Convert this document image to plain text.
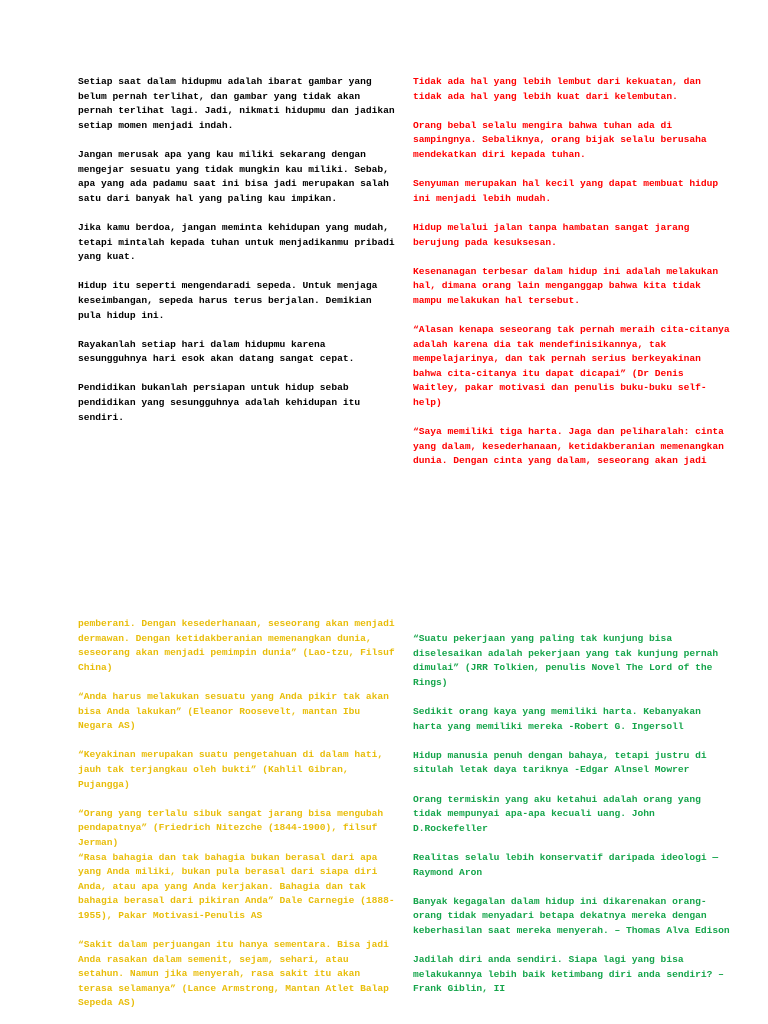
Setiap saat dalam hidupmu adalah ibarat gambar yang belum pernah terlihat, dan gambar yang tidak akan pernah terlihat lagi. Jadi, nikmati hidupmu dan jadikan setiap momen menjadi indah.

Jangan merusak apa yang kau miliki sekarang dengan mengejar sesuatu yang tidak mungkin kau miliki. Sebab, apa yang ada padamu saat ini bisa jadi merupakan salah satu dari banyak hal yang paling kau impikan.

Jika kamu berdoa, jangan meminta kehidupan yang mudah, tetapi mintalah kepada tuhan untuk menjadikanmu pribadi yang kuat.

Hidup itu seperti mengendaradi sepeda. Untuk menjaga keseimbangan, sepeda harus terus berjalan. Demikian pula hidup ini.

Rayakanlah setiap hari dalam hidupmu karena sesungguhnya hari esok akan datang sangat cepat.

Pendidikan bukanlah persiapan untuk hidup sebab pendidikan yang sesungguhnya adalah kehidupan itu sendiri.

Tidak ada hal yang lebih lembut dari kekuatan, dan tidak ada hal yang lebih kuat dari kelembutan.

Orang bebal selalu mengira bahwa tuhan ada di sampingnya. Sebaliknya, orang bijak selalu berusaha mendekatkan diri kepada tuhan.

Senyuman merupakan hal kecil yang dapat membuat hidup ini menjadi lebih mudah.

Hidup melalui jalan tanpa hambatan sangat jarang berujung pada kesuksesan.

Kesenanagan terbesar dalam hidup ini adalah melakukan hal, dimana orang lain menganggap bahwa kita tidak mampu melakukan hal tersebut.

“Alasan kenapa seseorang tak pernah meraih cita-citanya adalah karena dia tak mendefinisikannya, tak mempelajarinya, dan tak pernah serius berkeyakinan bahwa cita-citanya itu dapat dicapai” (Dr Denis Waitley, pakar motivasi dan penulis buku-buku self-help)

“Saya memiliki tiga harta. Jaga dan peliharalah: cinta yang dalam, kesederhanaan, ketidakberanian memenangkan dunia. Dengan cinta yang dalam, seseorang akan jadi

pemberani. Dengan kesederhanaan, seseorang akan menjadi dermawan. Dengan ketidakberanian memenangkan dunia, seseorang akan menjadi pemimpin dunia” (Lao-tzu, Filsuf China)

“Anda harus melakukan sesuatu yang Anda pikir tak akan bisa Anda lakukan” (Eleanor Roosevelt, mantan Ibu Negara AS)

“Keyakinan merupakan suatu pengetahuan di dalam hati, jauh tak terjangkau oleh bukti” (Kahlil Gibran, Pujangga)

“Orang yang terlalu sibuk sangat jarang bisa mengubah pendapatnya” (Friedrich Nitezche (1844-1900), filsuf Jerman)

“Rasa bahagia dan tak bahagia bukan berasal dari apa yang Anda miliki, bukan pula berasal dari siapa diri Anda, atau apa yang Anda kerjakan. Bahagia dan tak bahagia berasal dari pikiran Anda” Dale Carnegie (1888-1955), Pakar Motivasi-Penulis AS

“Sakit dalam perjuangan itu hanya sementara. Bisa jadi Anda rasakan dalam semenit, sejam, sehari, atau setahun. Namun jika menyerah, rasa sakit itu akan terasa selamanya” (Lance Armstrong, Mantan Atlet Balap Sepeda AS)

“Suatu pekerjaan yang paling tak kunjung bisa diselesaikan adalah pekerjaan yang tak kunjung pernah dimulai” (JRR Tolkien, penulis Novel The Lord of the Rings)

Sedikit orang kaya yang memiliki harta. Kebanyakan harta yang memiliki mereka -Robert G. Ingersoll

Hidup manusia penuh dengan bahaya, tetapi justru di situlah letak daya tariknya -Edgar Alnsel Mowrer

Orang termiskin yang aku ketahui adalah orang yang tidak mempunyai apa-apa kecuali uang. John D.Rockefeller

Realitas selalu lebih konservatif daripada ideologi — Raymond Aron

Banyak kegagalan dalam hidup ini dikarenakan orang-orang tidak menyadari betapa dekatnya mereka dengan keberhasilan saat mereka menyerah. – Thomas Alva Edison

Jadilah diri anda sendiri. Siapa lagi yang bisa melakukannya lebih baik ketimbang diri anda sendiri? – Frank Giblin, II
